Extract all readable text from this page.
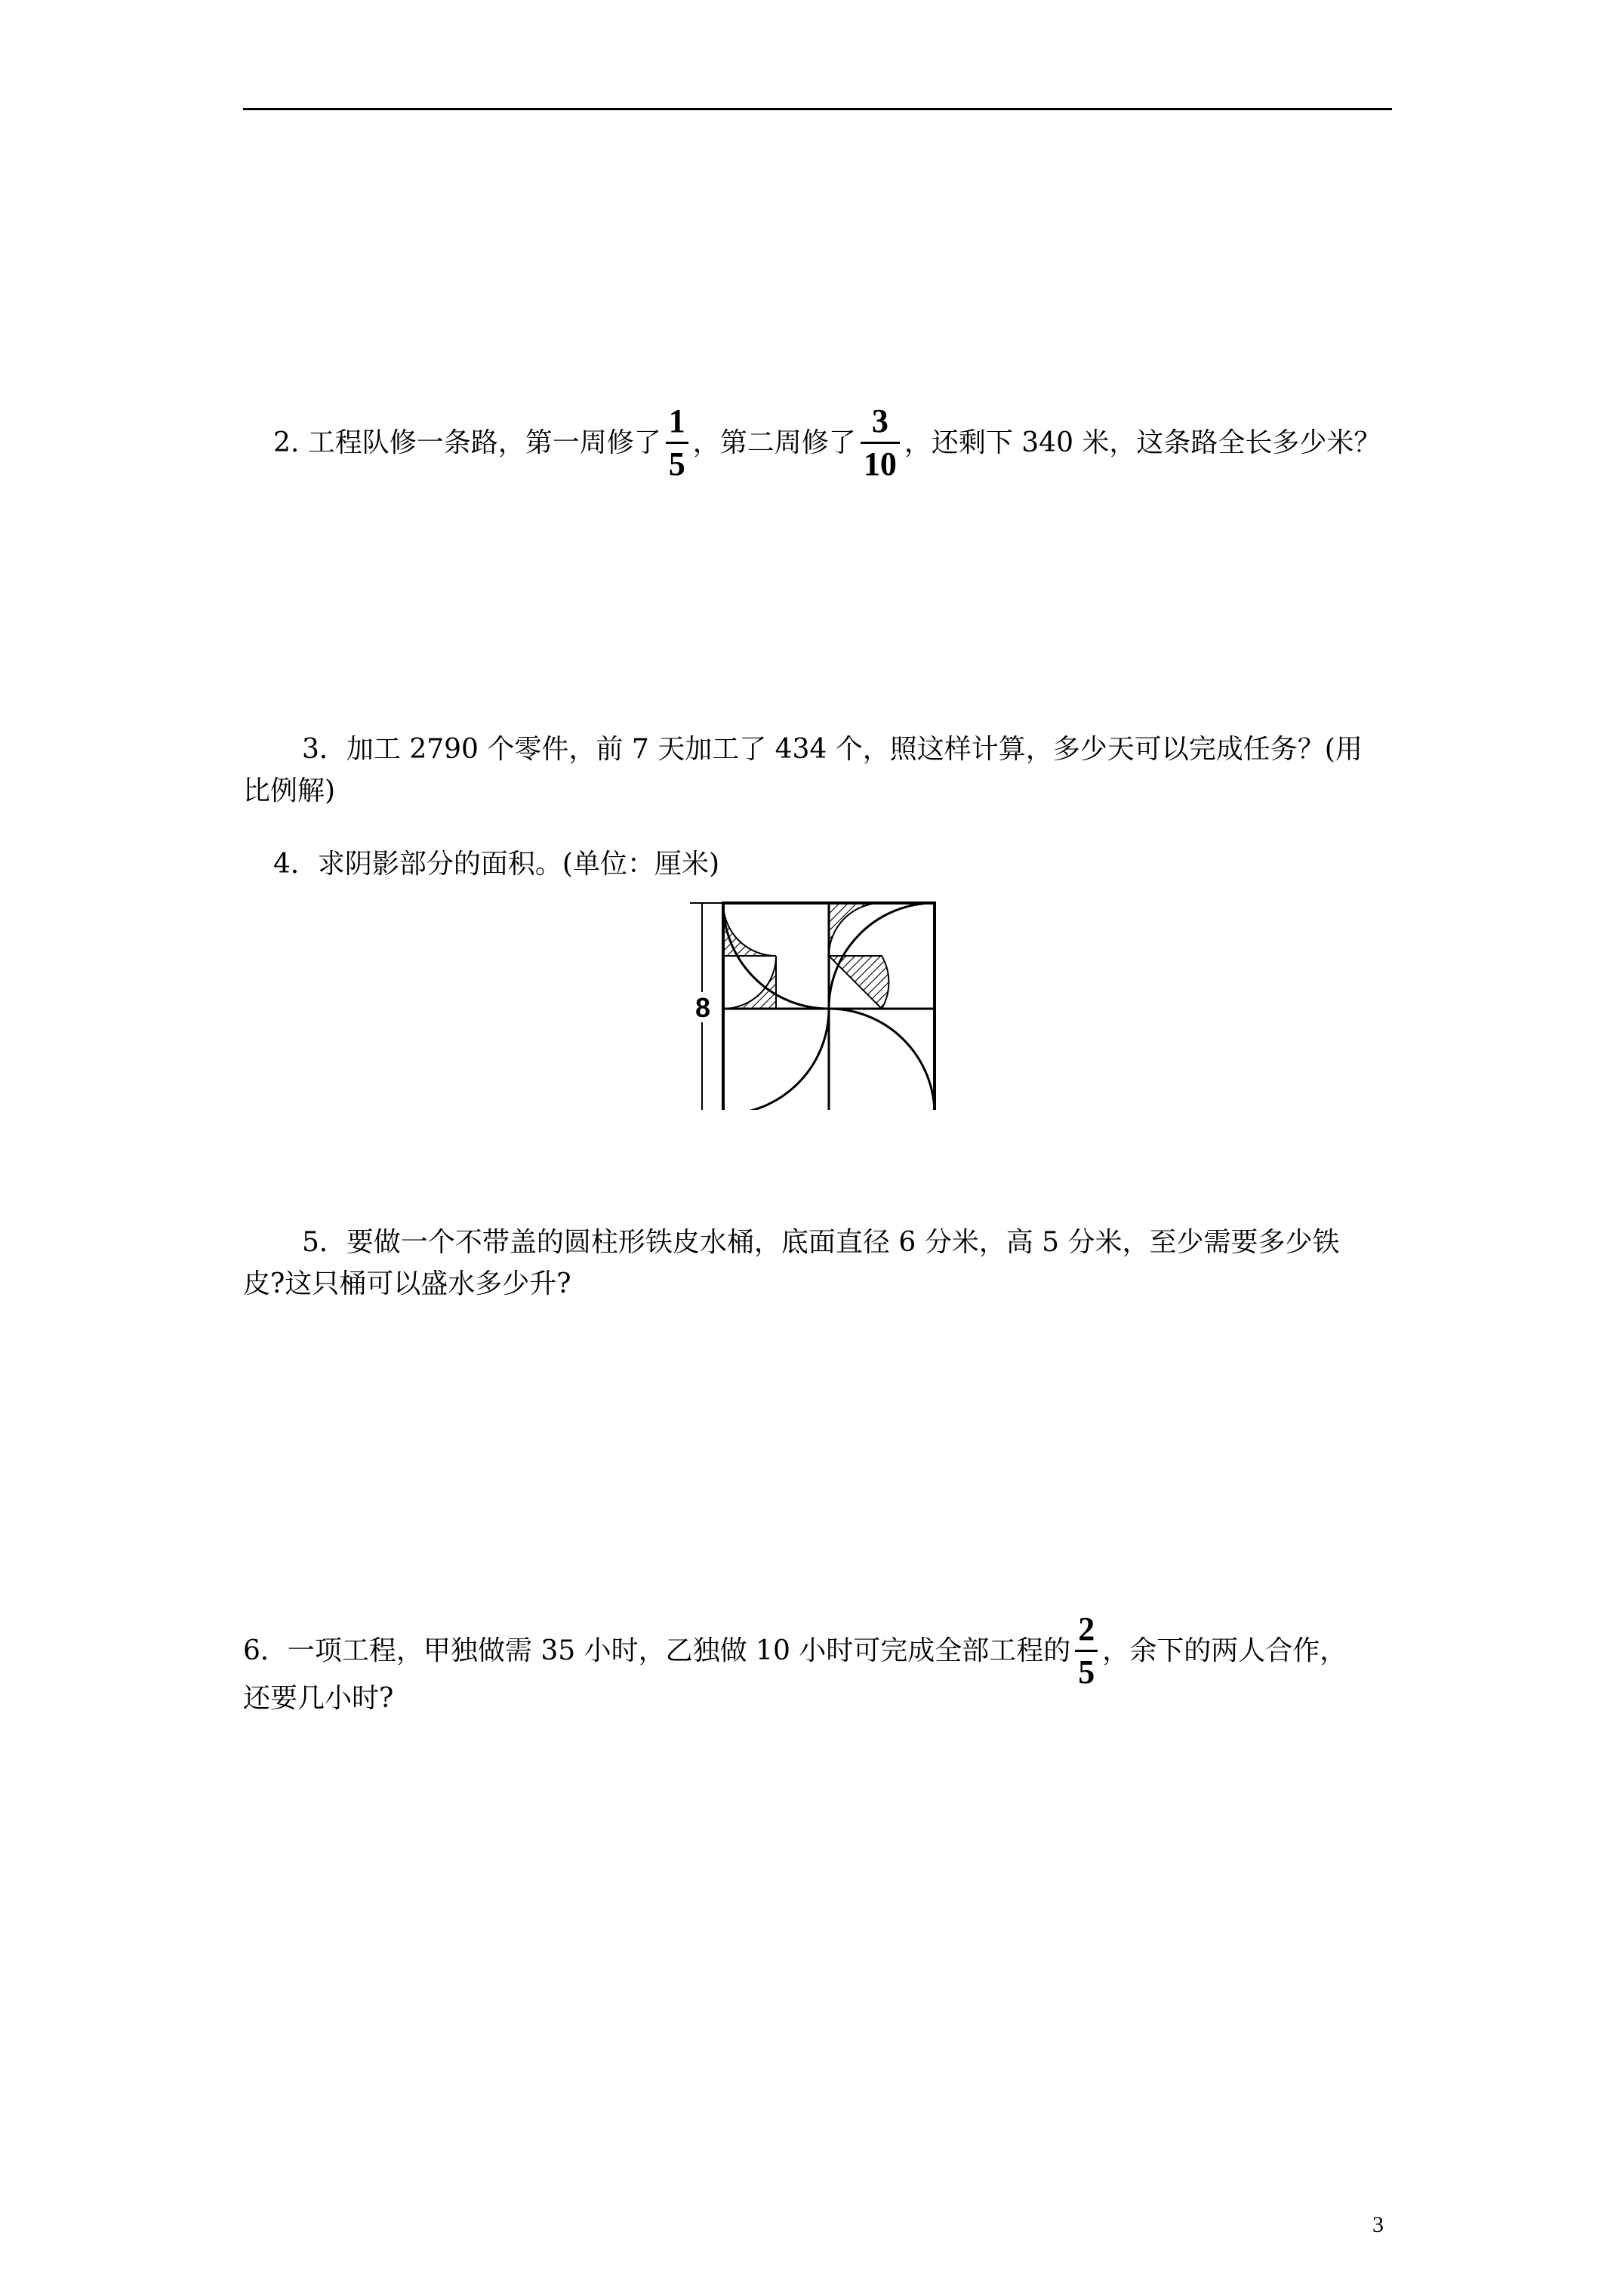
2. 工程队修一条路，第一周修了 $\frac{1}{5}$ ，第二周修了 $\frac{3}{10}$ ，还剩下 340 米，这条路全长多少米？
3．加工 2790 个零件，前 7 天加工了 434 个，照这样计算，多少天可以完成任务？(用
比例解)
4．求阴影部分的面积。(单位：厘米)
8
5．要做一个不带盖的圆柱形铁皮水桶，底面直径 6 分米，高 5 分米，至少需要多少铁
皮?这只桶可以盛水多少升?
6．一项工程，甲独做需 35 小时，乙独做 10 小时可完成全部工程的 $\frac{2}{5}$ ，余下的两人合作，
还要几小时?
3
